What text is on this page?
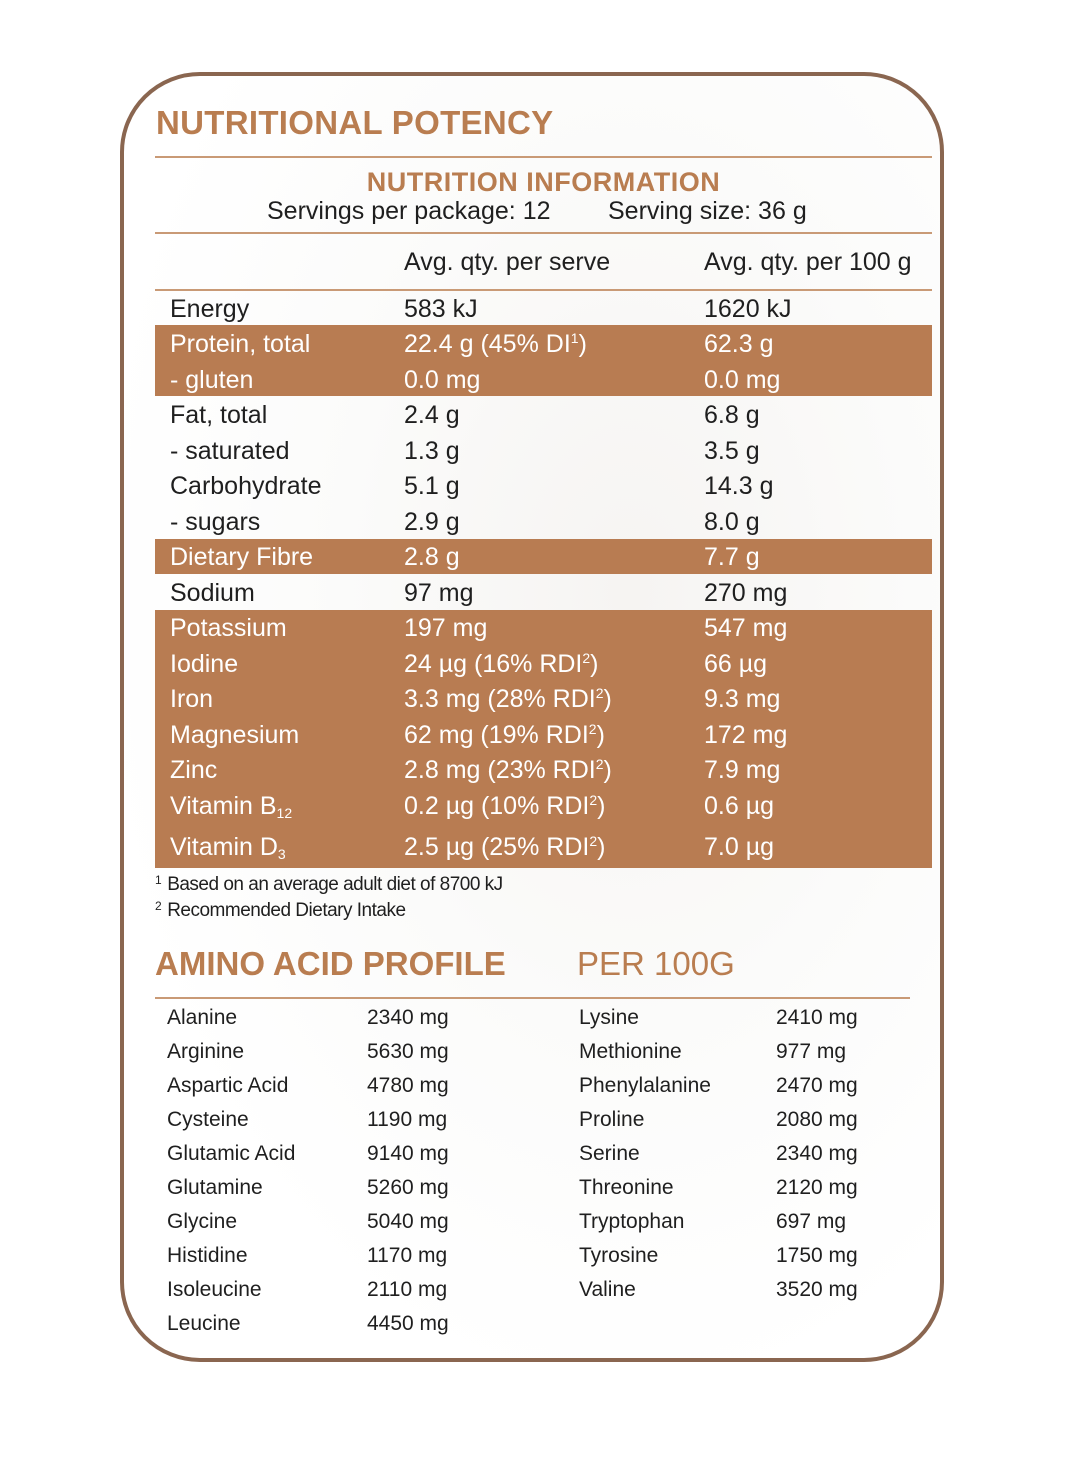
NUTRITIONAL POTENCY
NUTRITION INFORMATION
Servings per package: 12 Serving size: 36 g
Avg. qty. per serve	Avg. qty. per 100 g
Energy	583 kJ	1620 kJ
Protein, total	22.4 g (45% $DI^1$)	62.3 g
- gluten	0.0 mg	0.0 mg
Fat, total	2.4 g	6.8 g
- saturated	1.3 g	3.5 g
Carbohydrate	5.1 g	14.3 g
- sugars	2.9 g	8.0 g
Dietary Fibre	2.8 g	7.7 g
Sodium	97 mg	270 mg
Potassium	197 mg	547 mg
Iodine	24 µg (16% RDI$^2$)	66 µg
Iron	3.3 mg (28% RDI$^2$)	9.3 mg
Magnesium	62 mg (19% RDI$^2$)	172 mg
Zinc	2.8 mg (23% RDI$^2$)	7.9 mg
Vitamin $B_{12}$	0.2 µg (10% RDI$^2$)	0.6 µg
Vitamin $D_3$	2.5 µg (25% RDI$^2$)	7.0 µg
$^1$ Based on an average adult diet of 8700 kJ
$^2$ Recommended Dietary Intake
AMINO ACID PROFILE PER 100G
Alanine	2340 mg
Arginine	5630 mg
Aspartic Acid	4780 mg
Cysteine	1190 mg
Glutamic Acid	9140 mg
Glutamine	5260 mg
Glycine	5040 mg
Histidine	1170 mg
Isoleucine	2110 mg
Leucine	4450 mg
Lysine	2410 mg
Methionine	977 mg
Phenylalanine	2470 mg
Proline	2080 mg
Serine	2340 mg
Threonine	2120 mg
Tryptophan	697 mg
Tyrosine	1750 mg
Valine	3520 mg
